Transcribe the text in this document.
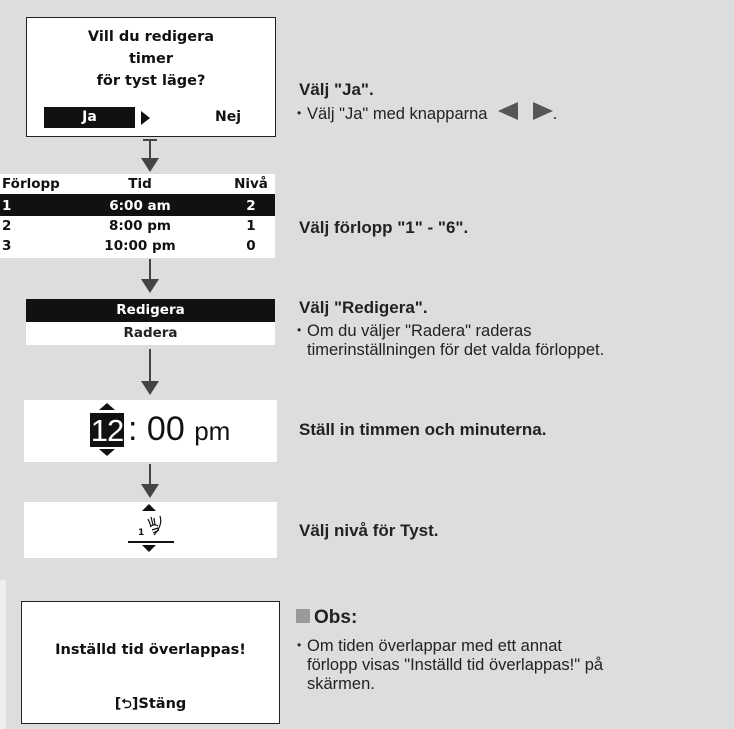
Vill du redigera
timer
för tyst läge?
Ja	Nej
Välj "Ja".
• Välj "Ja" med knapparna	.
Förlopp	Tid	Nivå
1	6:00 am	2
2	8:00 pm	1
3	10:00 pm	0
Välj förlopp "1" - "6".
Redigera
Radera
Välj "Redigera".
• Om du väljer "Radera" raderas
timerinställningen för det valda förloppet.
12 : 00 pm	Ställ in timmen och minuterna.
1	Välj nivå för Tyst.
Inställd tid överlappas!
[⮌]Stäng
Obs:
• Om tiden överlappar med ett annat
förlopp visas "Inställd tid överlappas!" på
skärmen.
